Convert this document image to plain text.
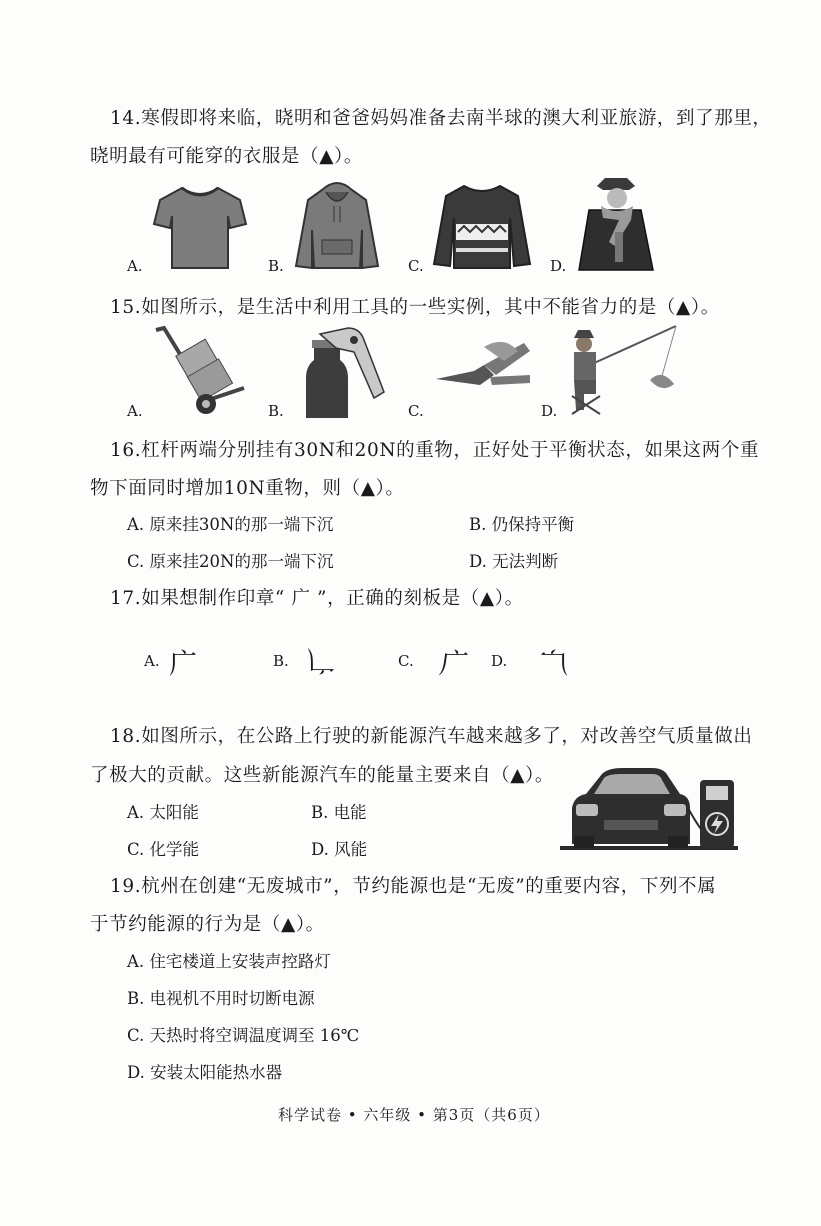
14.寒假即将来临，晓明和爸爸妈妈准备去南半球的澳大利亚旅游，到了那里，
晓明最有可能穿的衣服是（▲）。
A.	B.	C.	D.
15.如图所示，是生活中利用工具的一些实例，其中不能省力的是（▲）。
A.	B.	C.	D.
16.杠杆两端分别挂有30N和20N的重物，正好处于平衡状态，如果这两个重
物下面同时增加10N重物，则（▲）。
A. 原来挂30N的那一端下沉	B. 仍保持平衡
C. 原来挂20N的那一端下沉	D. 无法判断
17.如果想制作印章“ 广 ”，正确的刻板是（▲）。
A. 广	B. 广	C. 广 D. 广
18.如图所示，在公路上行驶的新能源汽车越来越多了，对改善空气质量做出
了极大的贡献。这些新能源汽车的能量主要来自（▲）。
A. 太阳能	B. 电能
C. 化学能	D. 风能
19.杭州在创建“无废城市”，节约能源也是“无废”的重要内容，下列不属
于节约能源的行为是（▲）。
A. 住宅楼道上安装声控路灯
B. 电视机不用时切断电源
C. 天热时将空调温度调至 16℃
D. 安装太阳能热水器
科学试卷 • 六年级 • 第3页（共6页）
